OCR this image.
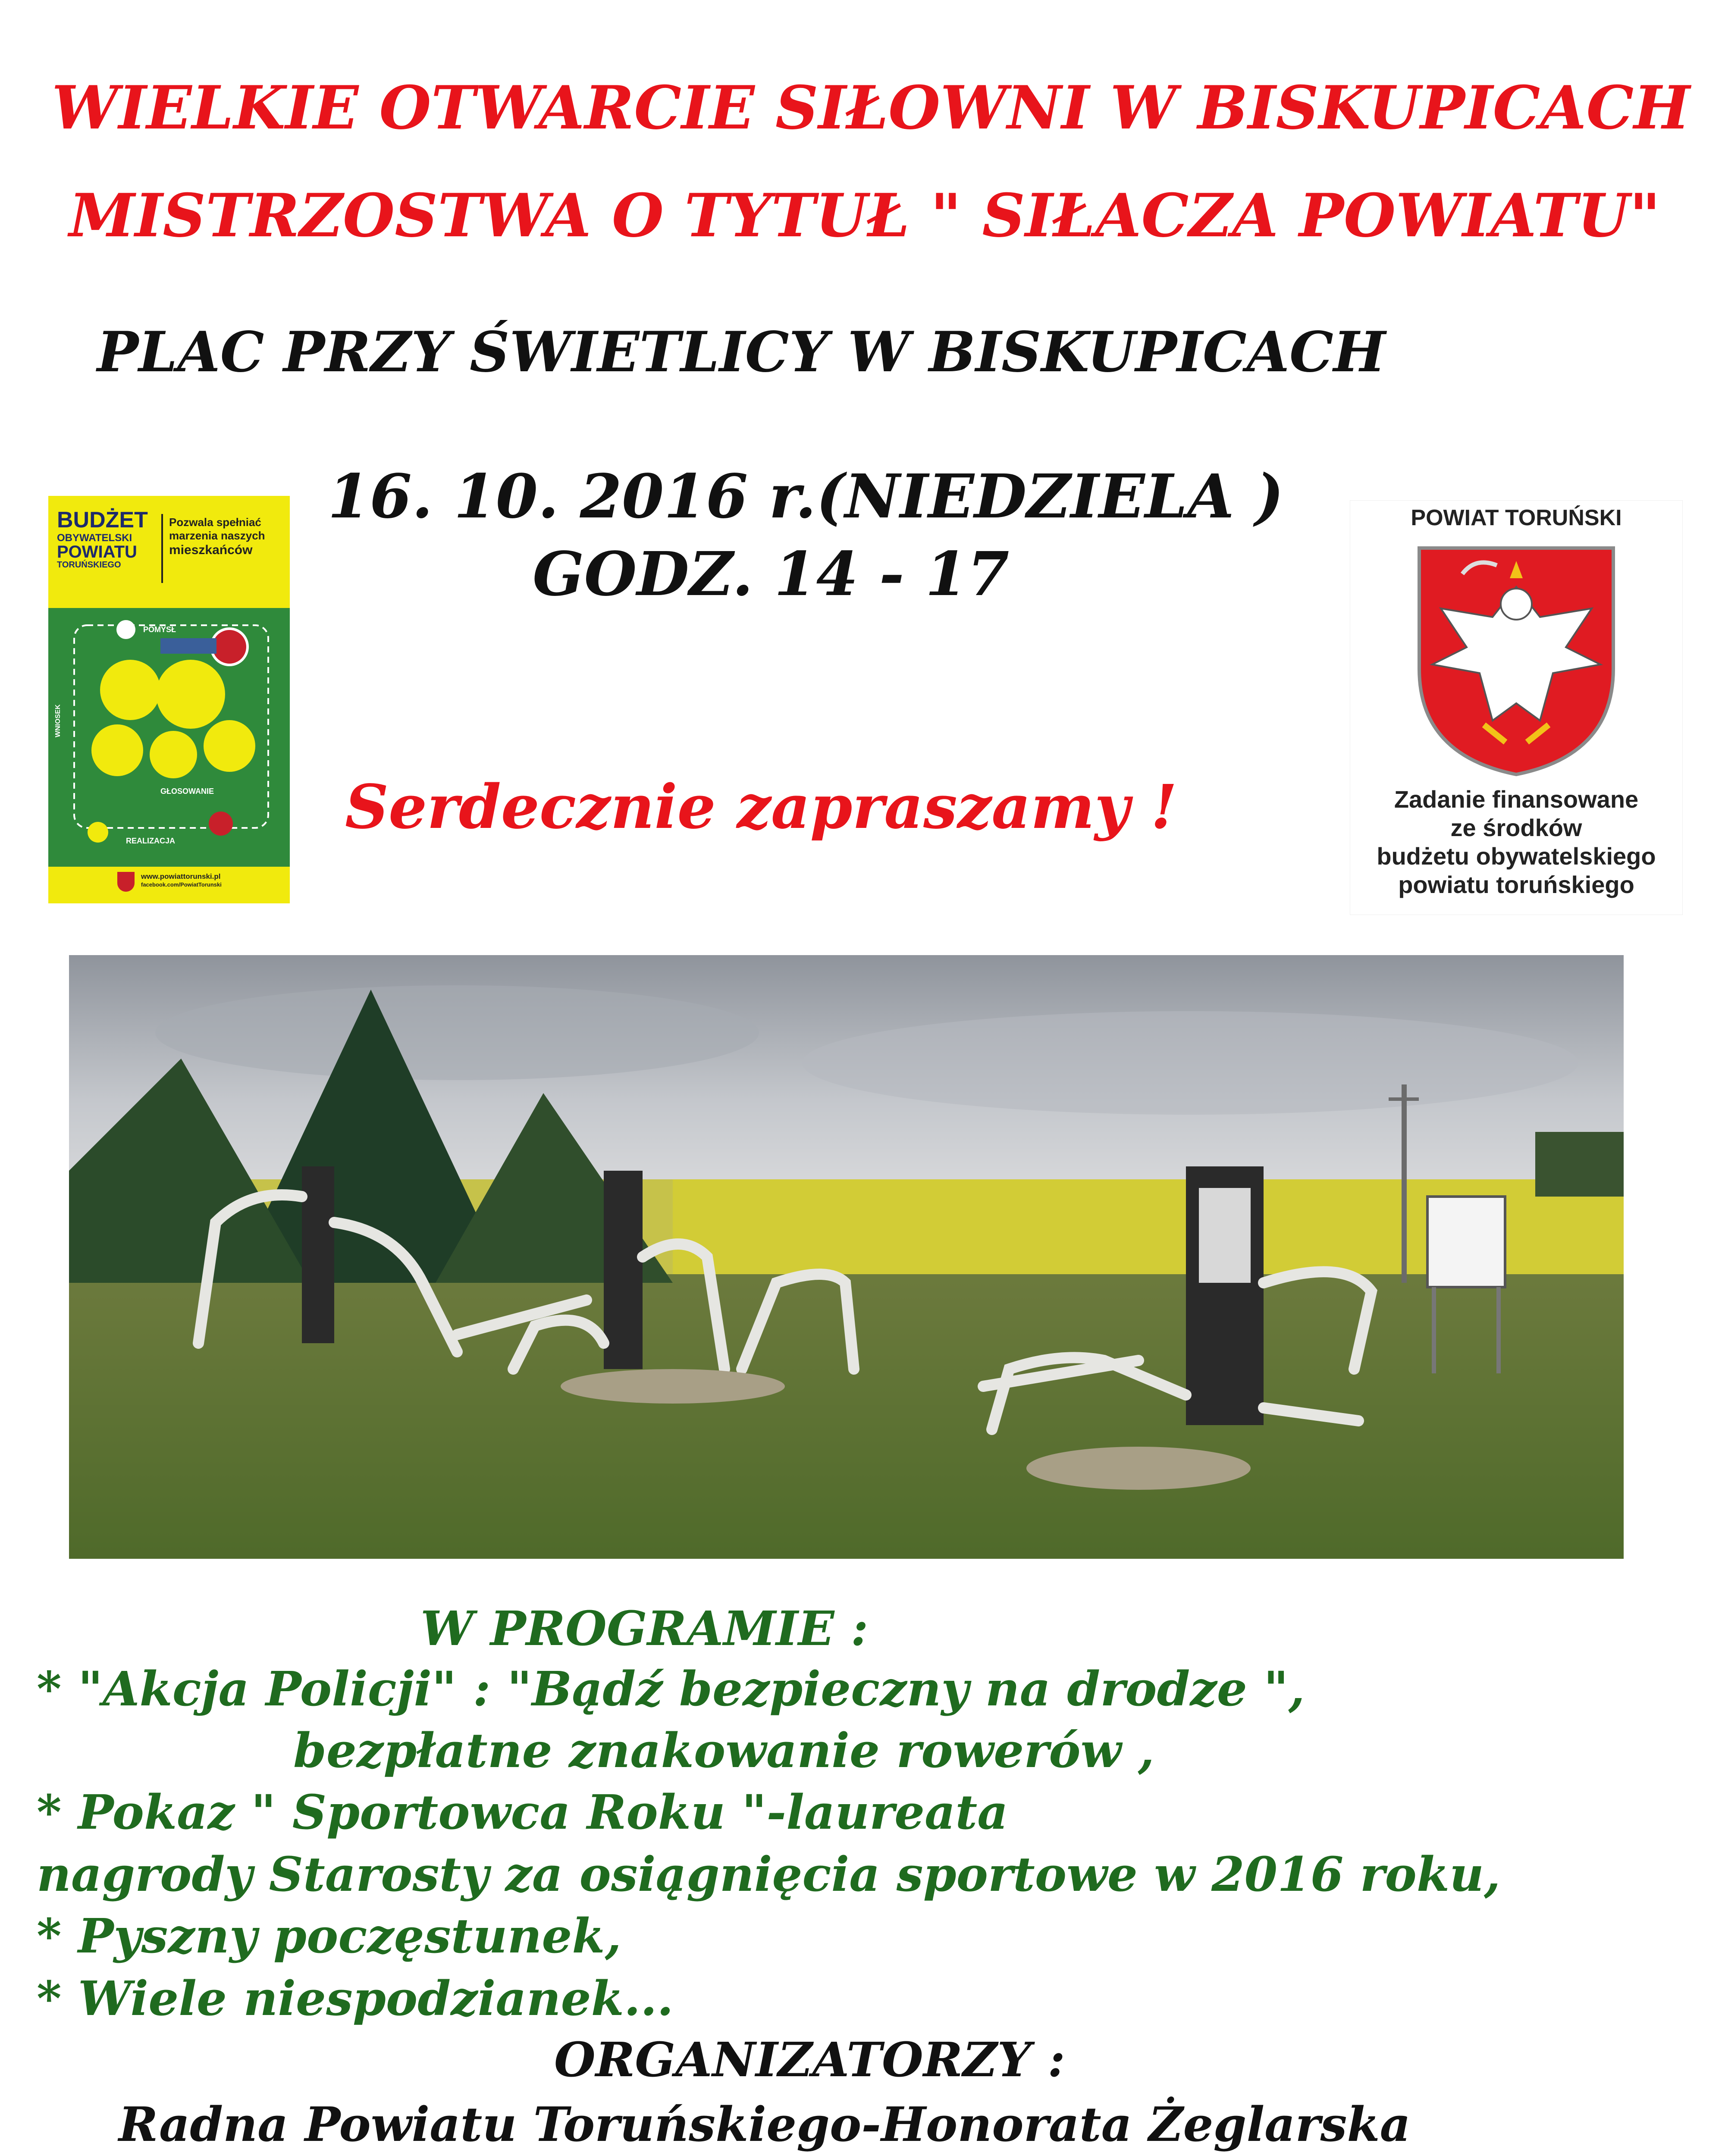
WIELKIE OTWARCIE SIŁOWNI W BISKUPICACH
MISTRZOSTWA O TYTUŁ " SIŁACZA POWIATU"
PLAC PRZY ŚWIETLICY W BISKUPICACH
16. 10. 2016 r.(NIEDZIELA )
GODZ. 14 - 17
Serdecznie zapraszamy !
BUDŻET
OBYWATELSKI
POWIATU
TORUŃSKIEGO
Pozwala spełniać
marzenia naszych
mieszkańców
POMYSŁ
WNIOSEK
GŁOSOWANIE
REALIZACJA
www.powiattorunski.pl
facebook.com/PowiatTorunski
POWIAT TORUŃSKI
Zadanie finansowane
ze środków
budżetu obywatelskiego
powiatu toruńskiego
W PROGRAMIE :
* "Akcja Policji" : "Bądź bezpieczny na drodze ",
bezpłatne znakowanie rowerów ,
* Pokaz " Sportowca Roku "-laureata
nagrody Starosty za osiągnięcia sportowe w 2016 roku,
* Pyszny poczęstunek,
* Wiele niespodzianek...
ORGANIZATORZY :
Radna Powiatu Toruńskiego-Honorata Żeglarska
